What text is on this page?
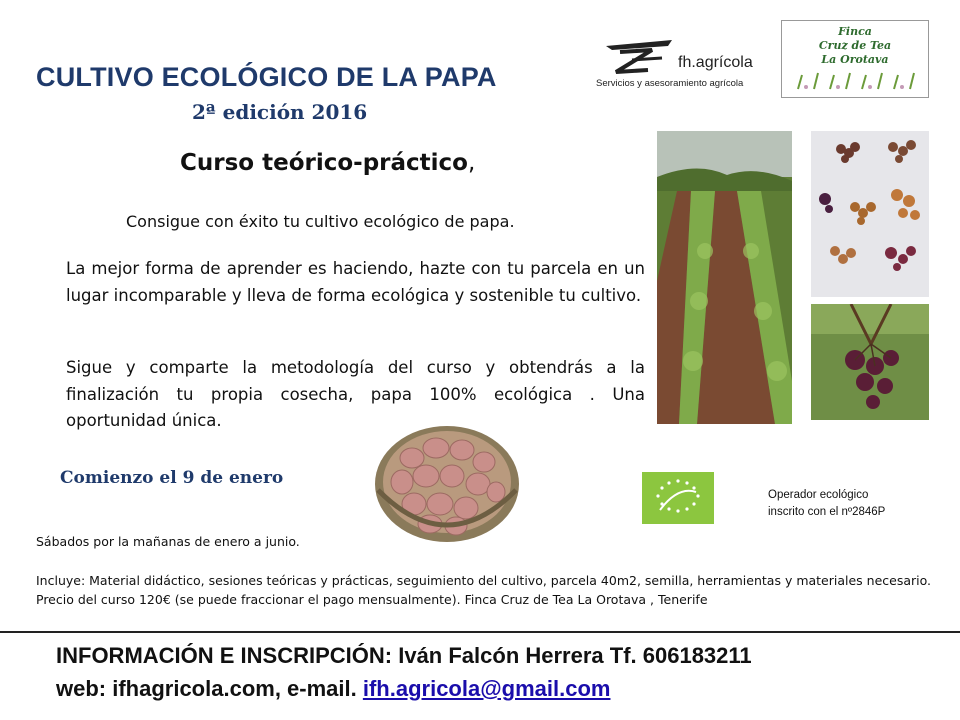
CULTIVO ECOLÓGICO DE LA PAPA
2ª edición 2016
Curso teórico-práctico,
Consigue con éxito tu cultivo ecológico de papa.
La mejor forma de aprender es haciendo, hazte con tu parcela en un lugar incomparable y lleva de forma ecológica y sostenible tu cultivo.
Sigue y comparte la metodología del curso y obtendrás a la finalización tu propia cosecha, papa 100% ecológica . Una oportunidad única.
Comienzo el 9 de enero
Sábados por la mañanas de enero a junio.
Incluye: Material didáctico, sesiones teóricas y prácticas, seguimiento del cultivo, parcela 40m2, semilla, herramientas y materiales necesario. Precio del curso 120€ (se puede fraccionar el pago mensualmente). Finca Cruz de Tea La Orotava , Tenerife
fh.agrícola
Servicios y asesoramiento agrícola
Finca
Cruz de Tea
La Orotava
Operador ecológico
inscrito con el nº2846P
INFORMACIÓN E INSCRIPCIÓN: Iván Falcón Herrera Tf. 606183211
web: ifhagricola.com, e-mail. ifh.agricola@gmail.com
